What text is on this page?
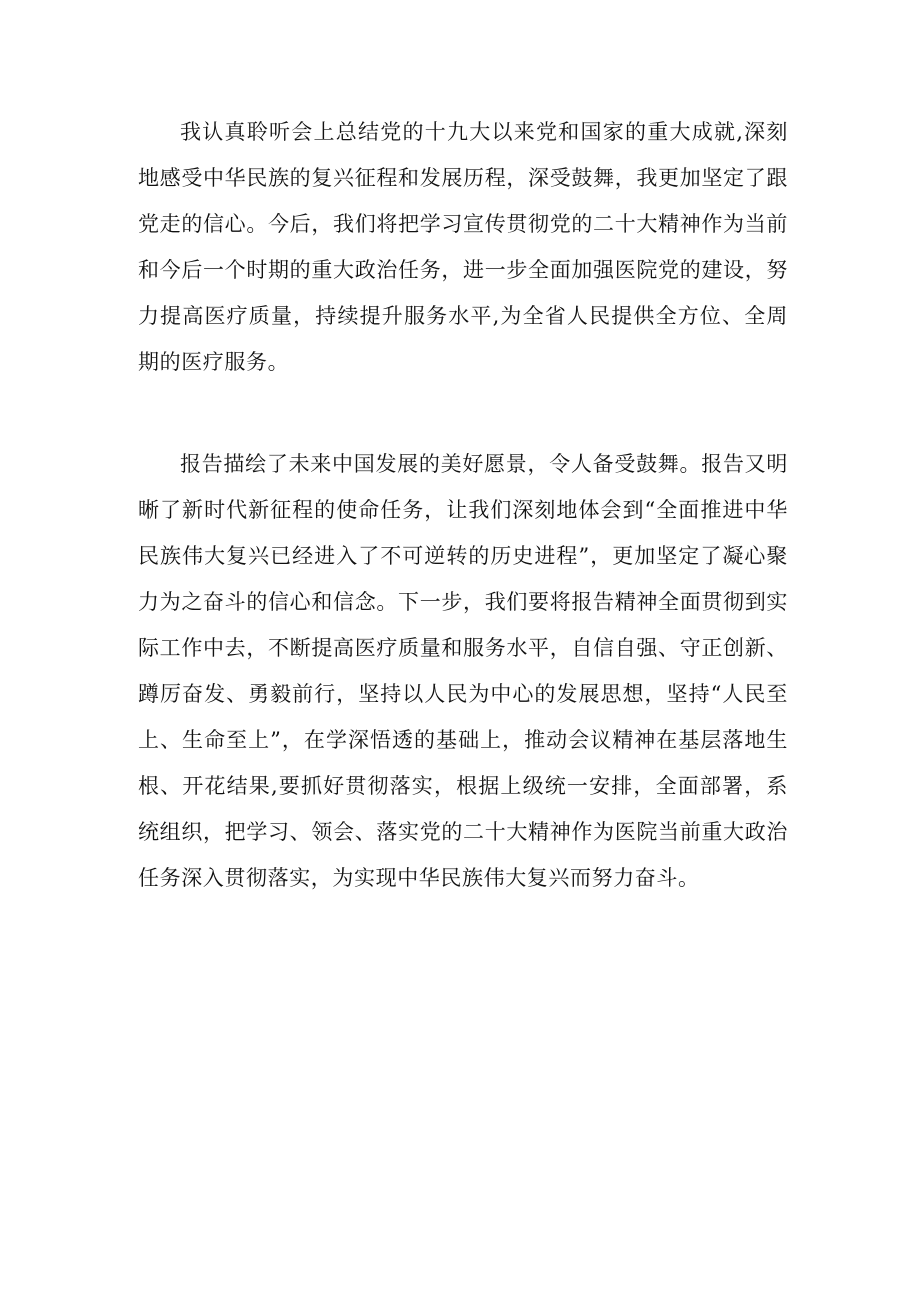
我认真聆听会上总结党的十九大以来党和国家的重大成就,深刻地感受中华民族的复兴征程和发展历程，深受鼓舞，我更加坚定了跟党走的信心。今后，我们将把学习宣传贯彻党的二十大精神作为当前和今后一个时期的重大政治任务，进一步全面加强医院党的建设，努力提高医疗质量，持续提升服务水平,为全省人民提供全方位、全周期的医疗服务。

报告描绘了未来中国发展的美好愿景，令人备受鼓舞。报告又明晰了新时代新征程的使命任务，让我们深刻地体会到“全面推进中华民族伟大复兴已经进入了不可逆转的历史进程”，更加坚定了凝心聚力为之奋斗的信心和信念。下一步，我们要将报告精神全面贯彻到实际工作中去，不断提高医疗质量和服务水平，自信自强、守正创新、蹲厉奋发、勇毅前行，坚持以人民为中心的发展思想，坚持“人民至上、生命至上”，在学深悟透的基础上，推动会议精神在基层落地生根、开花结果,要抓好贯彻落实，根据上级统一安排，全面部署，系统组织，把学习、领会、落实党的二十大精神作为医院当前重大政治任务深入贯彻落实，为实现中华民族伟大复兴而努力奋斗。
